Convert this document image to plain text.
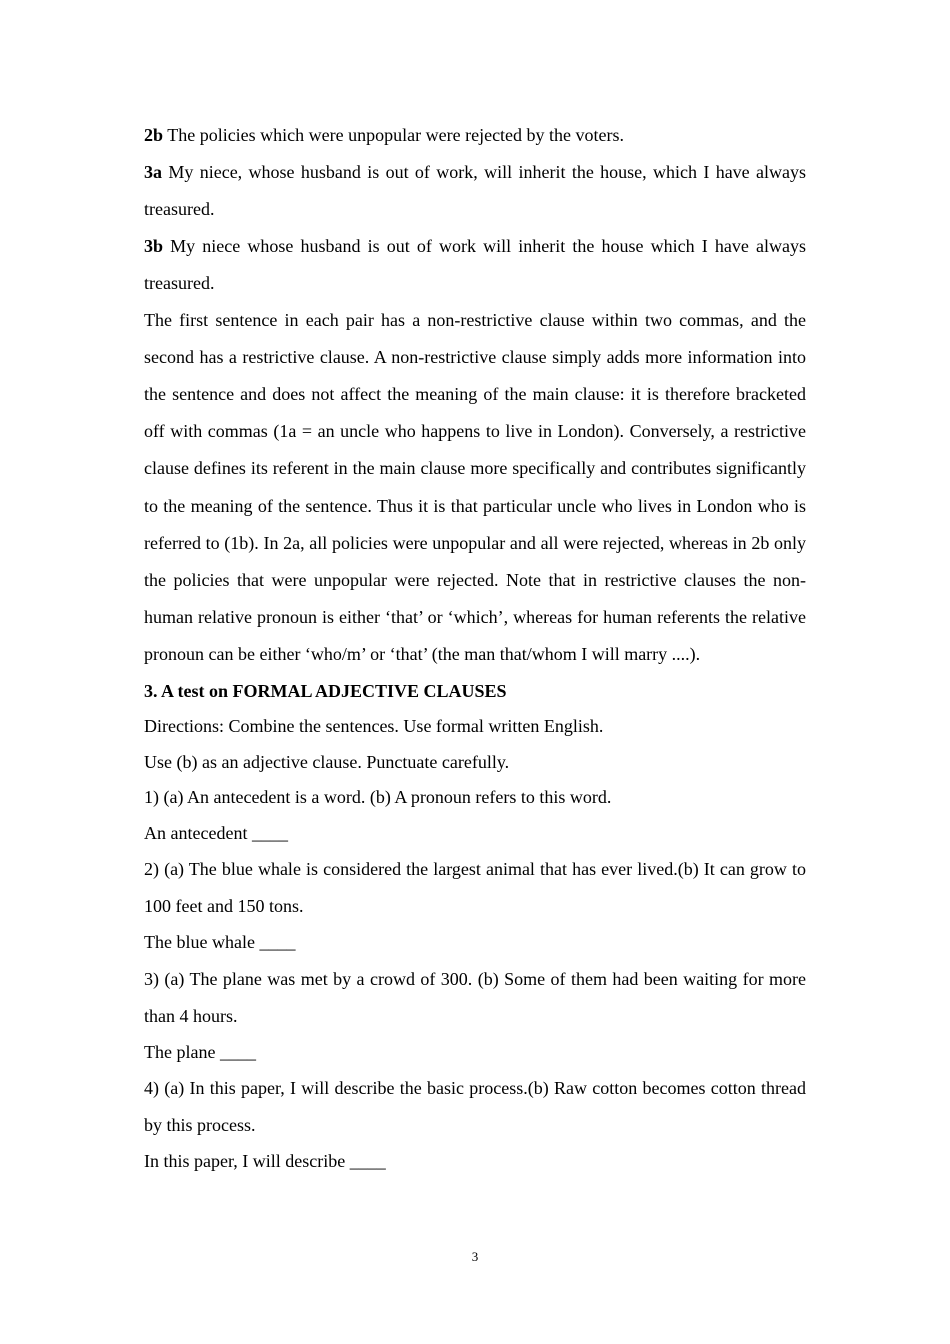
2b The policies which were unpopular were rejected by the voters.

3a My niece, whose husband is out of work, will inherit the house, which I have always treasured.

3b My niece whose husband is out of work will inherit the house which I have always treasured.

The first sentence in each pair has a non-restrictive clause within two commas, and the second has a restrictive clause. A non-restrictive clause simply adds more information into the sentence and does not affect the meaning of the main clause: it is therefore bracketed off with commas (1a = an uncle who happens to live in London). Conversely, a restrictive clause defines its referent in the main clause more specifically and contributes significantly to the meaning of the sentence. Thus it is that particular uncle who lives in London who is referred to (1b). In 2a, all policies were unpopular and all were rejected, whereas in 2b only the policies that were unpopular were rejected. Note that in restrictive clauses the non-human relative pronoun is either ‘that’ or ‘which’, whereas for human referents the relative pronoun can be either ‘who/m’ or ‘that’ (the man that/whom I will marry ....).

3. A test on FORMAL ADJECTIVE CLAUSES

Directions: Combine the sentences. Use formal written English.

Use (b) as an adjective clause. Punctuate carefully.

1) (a) An antecedent is a word. (b) A pronoun refers to this word.

An antecedent ____

2) (a) The blue whale is considered the largest animal that has ever lived.(b) It can grow to 100 feet and 150 tons.

The blue whale ____

3) (a) The plane was met by a crowd of 300. (b) Some of them had been waiting for more than 4 hours.

The plane ____

4) (a) In this paper, I will describe the basic process.(b) Raw cotton becomes cotton thread by this process.

In this paper, I will describe ____

3
